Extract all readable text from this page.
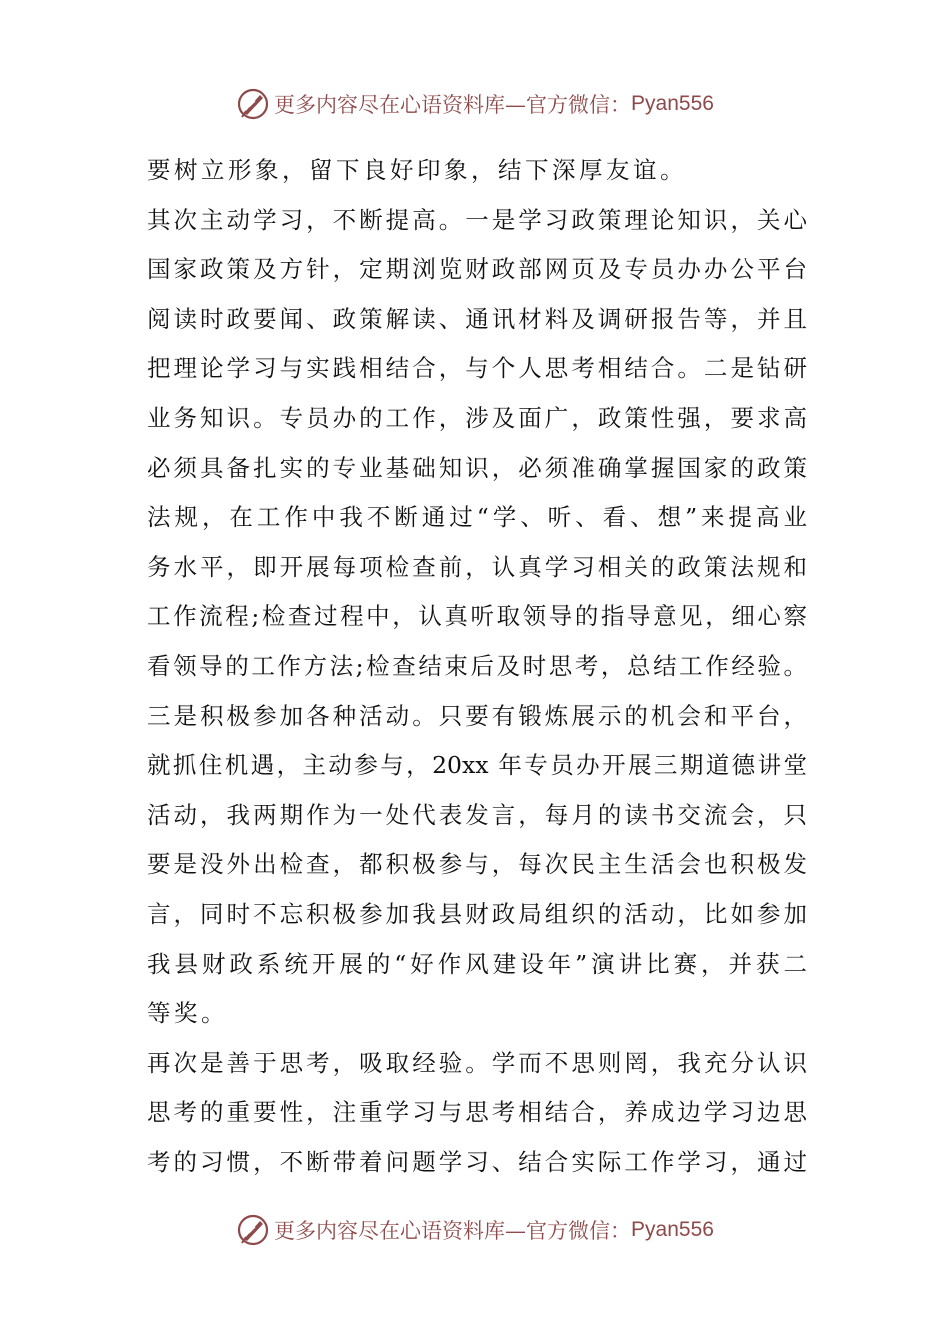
更多内容尽在心语资料库—官方微信： Pyan556
要树立形象，留下良好印象，结下深厚友谊。
其次主动学习，不断提高。一是学习政策理论知识，关心
国家政策及方针，定期浏览财政部网页及专员办办公平台
阅读时政要闻、政策解读、通讯材料及调研报告等，并且
把理论学习与实践相结合，与个人思考相结合。二是钻研
业务知识。专员办的工作，涉及面广，政策性强，要求高
必须具备扎实的专业基础知识，必须准确掌握国家的政策
法规，在工作中我不断通过“学、听、看、想”来提高业
务水平，即开展每项检查前，认真学习相关的政策法规和
工作流程;检查过程中，认真听取领导的指导意见，细心察
看领导的工作方法;检查结束后及时思考，总结工作经验。
三是积极参加各种活动。只要有锻炼展示的机会和平台，
就抓住机遇，主动参与，20xx 年专员办开展三期道德讲堂
活动，我两期作为一处代表发言，每月的读书交流会，只
要是没外出检查，都积极参与，每次民主生活会也积极发
言，同时不忘积极参加我县财政局组织的活动，比如参加
我县财政系统开展的“好作风建设年”演讲比赛，并获二
等奖。
再次是善于思考，吸取经验。学而不思则罔，我充分认识
思考的重要性，注重学习与思考相结合，养成边学习边思
考的习惯，不断带着问题学习、结合实际工作学习，通过
更多内容尽在心语资料库—官方微信： Pyan556
